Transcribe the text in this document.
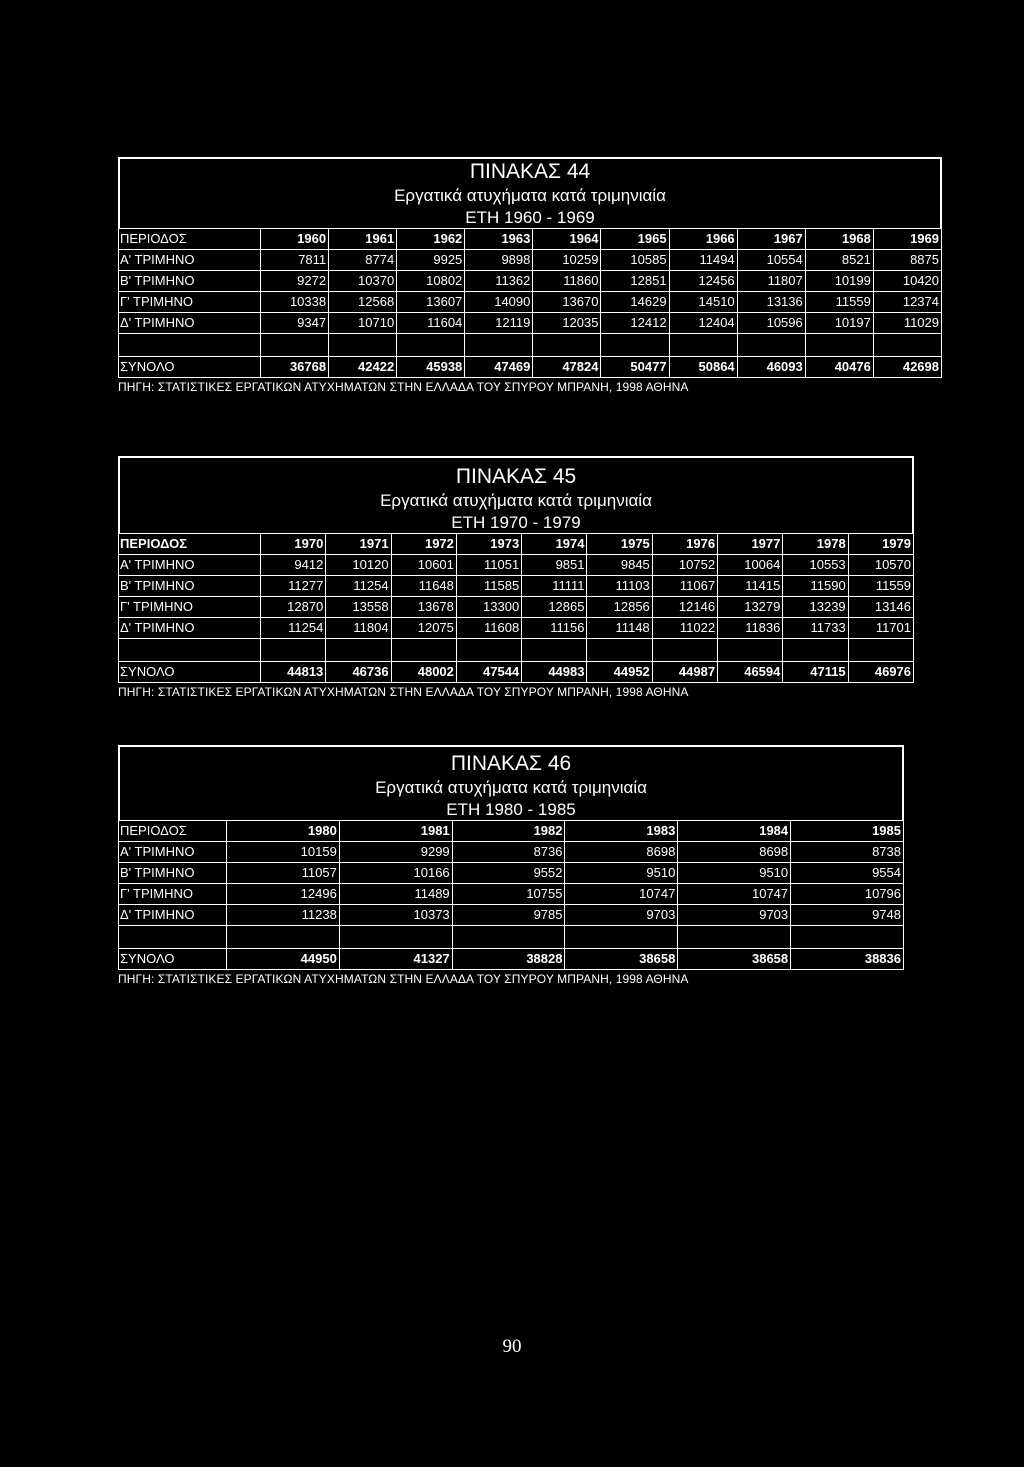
ΠΙΝΑΚΑΣ 44
Εργατικά ατυχήματα κατά τριμηνιαία
ΕΤΗ 1960 - 1969
ΠΕΡΙΟΔΟΣ	1960	1961	1962	1963	1964	1965	1966	1967	1968	1969
Α' ΤΡΙΜΗΝΟ	7811	8774	9925	9898	10259	10585	11494	10554	8521	8875
Β' ΤΡΙΜΗΝΟ	9272	10370	10802	11362	11860	12851	12456	11807	10199	10420
Γ' ΤΡΙΜΗΝΟ	10338	12568	13607	14090	13670	14629	14510	13136	11559	12374
Δ' ΤΡΙΜΗΝΟ	9347	10710	11604	12119	12035	12412	12404	10596	10197	11029

ΣΥΝΟΛΟ	36768	42422	45938	47469	47824	50477	50864	46093	40476	42698
ΠΗΓΗ: ΣΤΑΤΙΣΤΙΚΕΣ ΕΡΓΑΤΙΚΩΝ ΑΤΥΧΗΜΑΤΩΝ ΣΤΗΝ ΕΛΛΑΔΑ ΤΟΥ ΣΠΥΡΟΥ ΜΠΡΑΝΗ, 1998 ΑΘΗΝΑ
ΠΙΝΑΚΑΣ 45
Εργατικά ατυχήματα κατά τριμηνιαία
ΕΤΗ 1970 - 1979
ΠΕΡΙΟΔΟΣ	1970	1971	1972	1973	1974	1975	1976	1977	1978	1979
Α' ΤΡΙΜΗΝΟ	9412	10120	10601	11051	9851	9845	10752	10064	10553	10570
Β' ΤΡΙΜΗΝΟ	11277	11254	11648	11585	11111	11103	11067	11415	11590	11559
Γ' ΤΡΙΜΗΝΟ	12870	13558	13678	13300	12865	12856	12146	13279	13239	13146
Δ' ΤΡΙΜΗΝΟ	11254	11804	12075	11608	11156	11148	11022	11836	11733	11701

ΣΥΝΟΛΟ	44813	46736	48002	47544	44983	44952	44987	46594	47115	46976
ΠΗΓΗ: ΣΤΑΤΙΣΤΙΚΕΣ ΕΡΓΑΤΙΚΩΝ ΑΤΥΧΗΜΑΤΩΝ ΣΤΗΝ ΕΛΛΑΔΑ ΤΟΥ ΣΠΥΡΟΥ ΜΠΡΑΝΗ, 1998 ΑΘΗΝΑ
ΠΙΝΑΚΑΣ 46
Εργατικά ατυχήματα κατά τριμηνιαία
ΕΤΗ 1980 - 1985
ΠΕΡΙΟΔΟΣ	1980	1981	1982	1983	1984	1985
Α' ΤΡΙΜΗΝΟ	10159	9299	8736	8698	8698	8738
Β' ΤΡΙΜΗΝΟ	11057	10166	9552	9510	9510	9554
Γ' ΤΡΙΜΗΝΟ	12496	11489	10755	10747	10747	10796
Δ' ΤΡΙΜΗΝΟ	11238	10373	9785	9703	9703	9748

ΣΥΝΟΛΟ	44950	41327	38828	38658	38658	38836
ΠΗΓΗ: ΣΤΑΤΙΣΤΙΚΕΣ ΕΡΓΑΤΙΚΩΝ ΑΤΥΧΗΜΑΤΩΝ ΣΤΗΝ ΕΛΛΑΔΑ ΤΟΥ ΣΠΥΡΟΥ ΜΠΡΑΝΗ, 1998 ΑΘΗΝΑ
90
